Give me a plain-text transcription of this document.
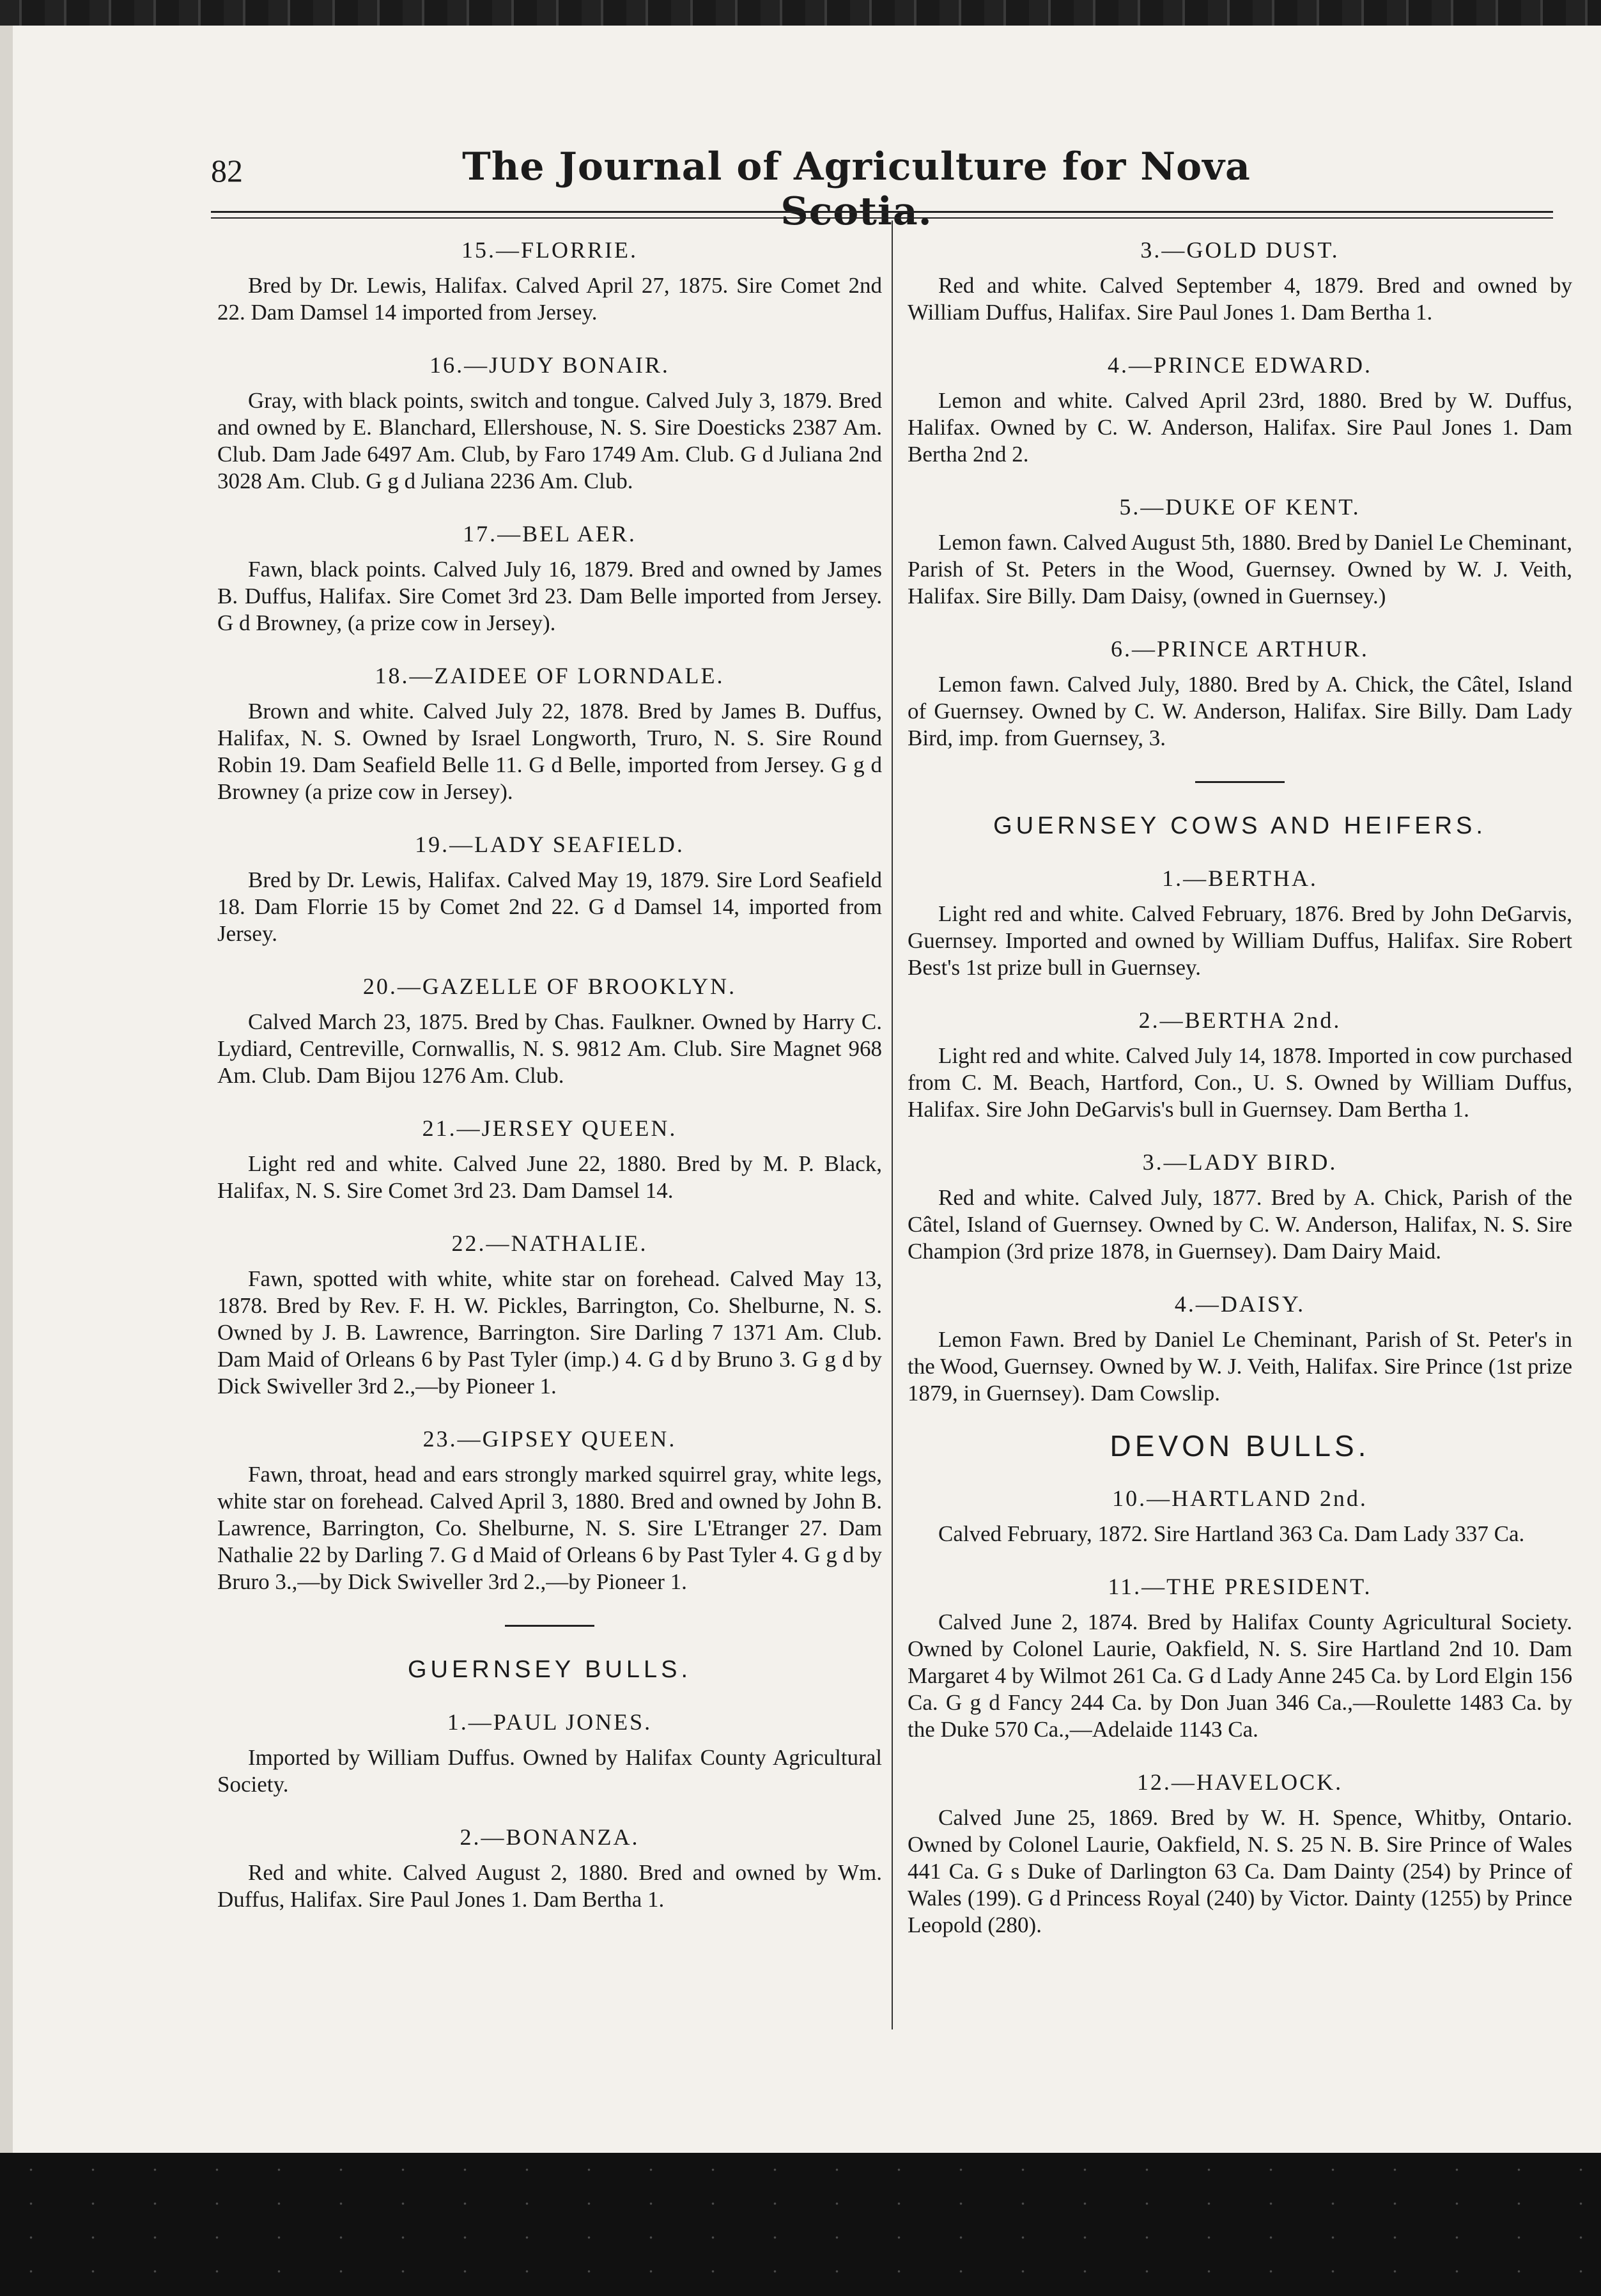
82	The Journal of Agriculture for Nova Scotia.
15.—FLORRIE.
Bred by Dr. Lewis, Halifax. Calved April 27, 1875. Sire Comet 2nd 22. Dam Damsel 14 imported from Jersey.
16.—JUDY BONAIR.
Gray, with black points, switch and tongue. Calved July 3, 1879. Bred and owned by E. Blanchard, Ellershouse, N. S. Sire Doesticks 2387 Am. Club. Dam Jade 6497 Am. Club, by Faro 1749 Am. Club. G d Juliana 2nd 3028 Am. Club. G g d Juliana 2236 Am. Club.
17.—BEL AER.
Fawn, black points. Calved July 16, 1879. Bred and owned by James B. Duffus, Halifax. Sire Comet 3rd 23. Dam Belle imported from Jersey. G d Browney, (a prize cow in Jersey).
18.—ZAIDEE OF LORNDALE.
Brown and white. Calved July 22, 1878. Bred by James B. Duffus, Halifax, N. S. Owned by Israel Longworth, Truro, N. S. Sire Round Robin 19. Dam Seafield Belle 11. G d Belle, imported from Jersey. G g d Browney (a prize cow in Jersey).
19.—LADY SEAFIELD.
Bred by Dr. Lewis, Halifax. Calved May 19, 1879. Sire Lord Seafield 18. Dam Florrie 15 by Comet 2nd 22. G d Damsel 14, imported from Jersey.
20.—GAZELLE OF BROOKLYN.
Calved March 23, 1875. Bred by Chas. Faulkner. Owned by Harry C. Lydiard, Centreville, Cornwallis, N. S. 9812 Am. Club. Sire Magnet 968 Am. Club. Dam Bijou 1276 Am. Club.
21.—JERSEY QUEEN.
Light red and white. Calved June 22, 1880. Bred by M. P. Black, Halifax, N. S. Sire Comet 3rd 23. Dam Damsel 14.
22.—NATHALIE.
Fawn, spotted with white, white star on forehead. Calved May 13, 1878. Bred by Rev. F. H. W. Pickles, Barrington, Co. Shelburne, N. S. Owned by J. B. Lawrence, Barrington. Sire Darling 7 1371 Am. Club. Dam Maid of Orleans 6 by Past Tyler (imp.) 4. G d by Bruno 3. G g d by Dick Swiveller 3rd 2.,—by Pioneer 1.
23.—GIPSEY QUEEN.
Fawn, throat, head and ears strongly marked squirrel gray, white legs, white star on forehead. Calved April 3, 1880. Bred and owned by John B. Lawrence, Barrington, Co. Shelburne, N. S. Sire L'Etranger 27. Dam Nathalie 22 by Darling 7. G d Maid of Orleans 6 by Past Tyler 4. G g d by Bruro 3.,—by Dick Swiveller 3rd 2.,—by Pioneer 1.
GUERNSEY BULLS.
1.—PAUL JONES.
Imported by William Duffus. Owned by Halifax County Agricultural Society.
2.—BONANZA.
Red and white. Calved August 2, 1880. Bred and owned by Wm. Duffus, Halifax. Sire Paul Jones 1. Dam Bertha 1.
3.—GOLD DUST.
Red and white. Calved September 4, 1879. Bred and owned by William Duffus, Halifax. Sire Paul Jones 1. Dam Bertha 1.
4.—PRINCE EDWARD.
Lemon and white. Calved April 23rd, 1880. Bred by W. Duffus, Halifax. Owned by C. W. Anderson, Halifax. Sire Paul Jones 1. Dam Bertha 2nd 2.
5.—DUKE OF KENT.
Lemon fawn. Calved August 5th, 1880. Bred by Daniel Le Cheminant, Parish of St. Peters in the Wood, Guernsey. Owned by W. J. Veith, Halifax. Sire Billy. Dam Daisy, (owned in Guernsey.)
6.—PRINCE ARTHUR.
Lemon fawn. Calved July, 1880. Bred by A. Chick, the Câtel, Island of Guernsey. Owned by C. W. Anderson, Halifax. Sire Billy. Dam Lady Bird, imp. from Guernsey, 3.
GUERNSEY COWS AND HEIFERS.
1.—BERTHA.
Light red and white. Calved February, 1876. Bred by John DeGarvis, Guernsey. Imported and owned by William Duffus, Halifax. Sire Robert Best's 1st prize bull in Guernsey.
2.—BERTHA 2nd.
Light red and white. Calved July 14, 1878. Imported in cow purchased from C. M. Beach, Hartford, Con., U. S. Owned by William Duffus, Halifax. Sire John DeGarvis's bull in Guernsey. Dam Bertha 1.
3.—LADY BIRD.
Red and white. Calved July, 1877. Bred by A. Chick, Parish of the Câtel, Island of Guernsey. Owned by C. W. Anderson, Halifax, N. S. Sire Champion (3rd prize 1878, in Guernsey). Dam Dairy Maid.
4.—DAISY.
Lemon Fawn. Bred by Daniel Le Cheminant, Parish of St. Peter's in the Wood, Guernsey. Owned by W. J. Veith, Halifax. Sire Prince (1st prize 1879, in Guernsey). Dam Cowslip.
DEVON BULLS.
10.—HARTLAND 2nd.
Calved February, 1872. Sire Hartland 363 Ca. Dam Lady 337 Ca.
11.—THE PRESIDENT.
Calved June 2, 1874. Bred by Halifax County Agricultural Society. Owned by Colonel Laurie, Oakfield, N. S. Sire Hartland 2nd 10. Dam Margaret 4 by Wilmot 261 Ca. G d Lady Anne 245 Ca. by Lord Elgin 156 Ca. G g d Fancy 244 Ca. by Don Juan 346 Ca.,—Roulette 1483 Ca. by the Duke 570 Ca.,—Adelaide 1143 Ca.
12.—HAVELOCK.
Calved June 25, 1869. Bred by W. H. Spence, Whitby, Ontario. Owned by Colonel Laurie, Oakfield, N. S. 25 N. B. Sire Prince of Wales 441 Ca. G s Duke of Darlington 63 Ca. Dam Dainty (254) by Prince of Wales (199). G d Princess Royal (240) by Victor. Dainty (1255) by Prince Leopold (280).
